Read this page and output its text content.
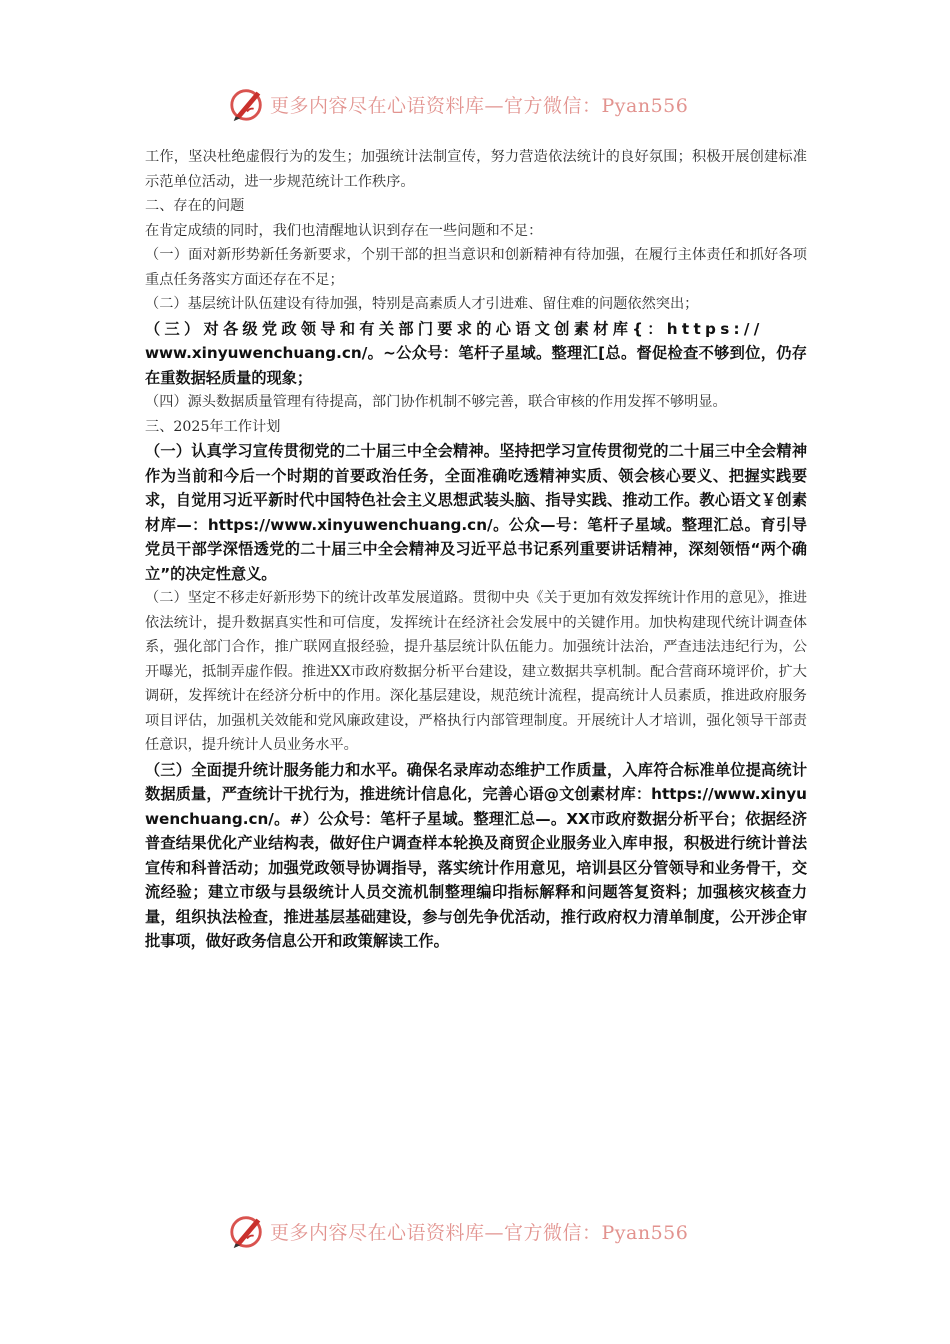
更多内容尽在心语资料库—官方微信：Pyan556

工作，坚决杜绝虚假行为的发生；加强统计法制宣传，努力营造依法统计的良好氛围；积极开展创建标准示范单位活动，进一步规范统计工作秩序。

二、存在的问题

在肯定成绩的同时，我们也清醒地认识到存在一些问题和不足：

（一）面对新形势新任务新要求，个别干部的担当意识和创新精神有待加强，在履行主体责任和抓好各项重点任务落实方面还存在不足；

（二）基层统计队伍建设有待加强，特别是高素质人才引进难、留住难的问题依然突出；

（三）对各级党政领导和有关部门要求的心语文创素材库{：https://

www.xinyuwenchuang.cn/。~公众号：笔杆子星域。整理汇[总。督促检查不够到位，仍存在重数据轻质量的现象；

（四）源头数据质量管理有待提高，部门协作机制不够完善，联合审核的作用发挥不够明显。

三、2025年工作计划

（一）认真学习宣传贯彻党的二十届三中全会精神。坚持把学习宣传贯彻党的二十届三中全会精神作为当前和今后一个时期的首要政治任务，全面准确吃透精神实质、领会核心要义、把握实践要求，自觉用习近平新时代中国特色社会主义思想武装头脑、指导实践、推动工作。教心语文￥创素材库—：https://www.xinyuwenchuang.cn/。公众—号：笔杆子星域。整理汇总。育引导党员干部学深悟透党的二十届三中全会精神及习近平总书记系列重要讲话精神，深刻领悟“两个确立”的决定性意义。

（二）坚定不移走好新形势下的统计改革发展道路。贯彻中央《关于更加有效发挥统计作用的意见》，推进依法统计，提升数据真实性和可信度，发挥统计在经济社会发展中的关键作用。加快构建现代统计调查体系，强化部门合作，推广联网直报经验，提升基层统计队伍能力。加强统计法治，严查违法违纪行为，公开曝光，抵制弄虚作假。推进XX市政府数据分析平台建设，建立数据共享机制。配合营商环境评价，扩大调研，发挥统计在经济分析中的作用。深化基层建设，规范统计流程，提高统计人员素质，推进政府服务项目评估，加强机关效能和党风廉政建设，严格执行内部管理制度。开展统计人才培训，强化领导干部责任意识，提升统计人员业务水平。

（三）全面提升统计服务能力和水平。确保名录库动态维护工作质量，入库符合标准单位提高统计数据质量，严查统计干扰行为，推进统计信息化，完善心语@文创素材库：https://www.xinyuwenchuang.cn/。#）公众号：笔杆子星域。整理汇总—。XX市政府数据分析平台；依据经济普查结果优化产业结构表，做好住户调查样本轮换及商贸企业服务业入库申报，积极进行统计普法宣传和科普活动；加强党政领导协调指导，落实统计作用意见，培训县区分管领导和业务骨干，交流经验；建立市级与县级统计人员交流机制整理编印指标解释和问题答复资料；加强核灾核查力量，组织执法检查，推进基层基础建设，参与创先争优活动，推行政府权力清单制度，公开涉企审批事项，做好政务信息公开和政策解读工作。

更多内容尽在心语资料库—官方微信：Pyan556
